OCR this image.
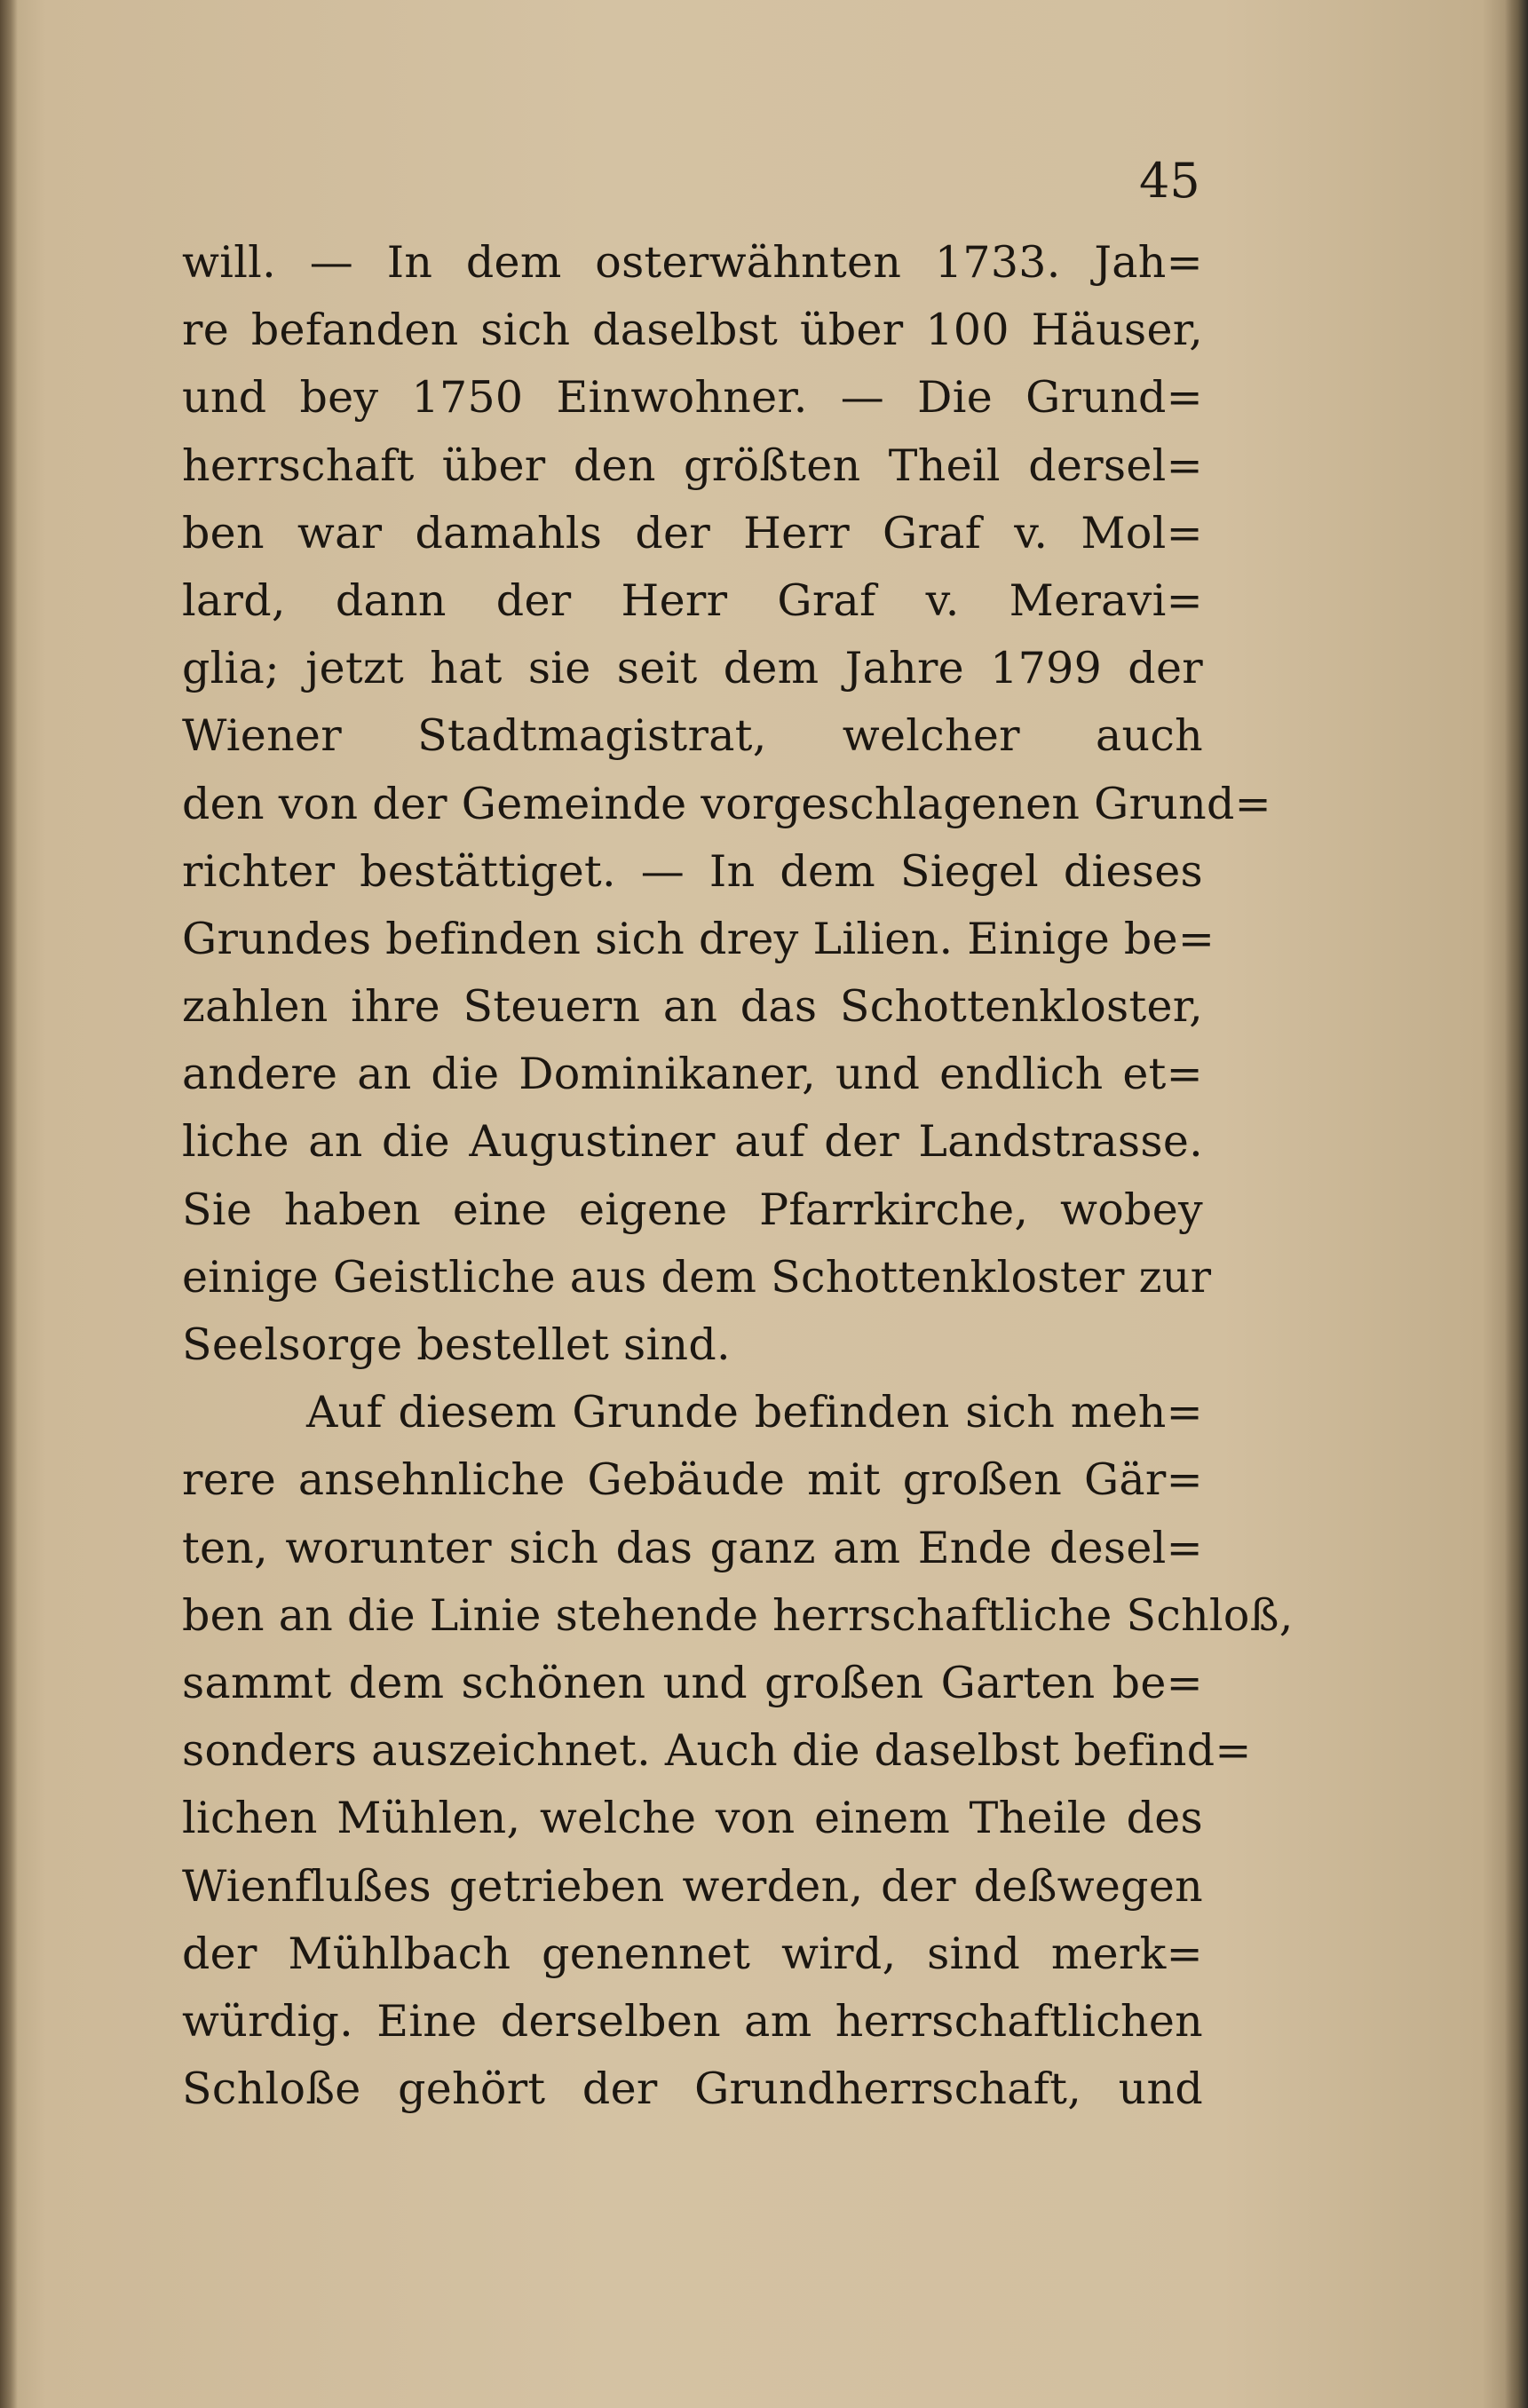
45
will. — In dem osterwähnten 1733. Jah=
re befanden sich daselbst über 100 Häuser,
und bey 1750 Einwohner. — Die Grund=
herrschaft über den größten Theil dersel=
ben war damahls der Herr Graf v. Mol=
lard, dann der Herr Graf v. Meravi=
glia; jetzt hat sie seit dem Jahre 1799 der
Wiener Stadtmagistrat, welcher auch
den von der Gemeinde vorgeschlagenen Grund=
richter bestättiget. — In dem Siegel dieses
Grundes befinden sich drey Lilien. Einige be=
zahlen ihre Steuern an das Schottenkloster,
andere an die Dominikaner, und endlich et=
liche an die Augustiner auf der Landstrasse.
Sie haben eine eigene Pfarrkirche, wobey
einige Geistliche aus dem Schottenkloster zur
Seelsorge bestellet sind.
Auf diesem Grunde befinden sich meh=
rere ansehnliche Gebäude mit großen Gär=
ten, worunter sich das ganz am Ende desel=
ben an die Linie stehende herrschaftliche Schloß,
sammt dem schönen und großen Garten be=
sonders auszeichnet. Auch die daselbst befind=
lichen Mühlen, welche von einem Theile des
Wienflußes getrieben werden, der deßwegen
der Mühlbach genennet wird, sind merk=
würdig. Eine derselben am herrschaftlichen
Schloße gehört der Grundherrschaft, und
